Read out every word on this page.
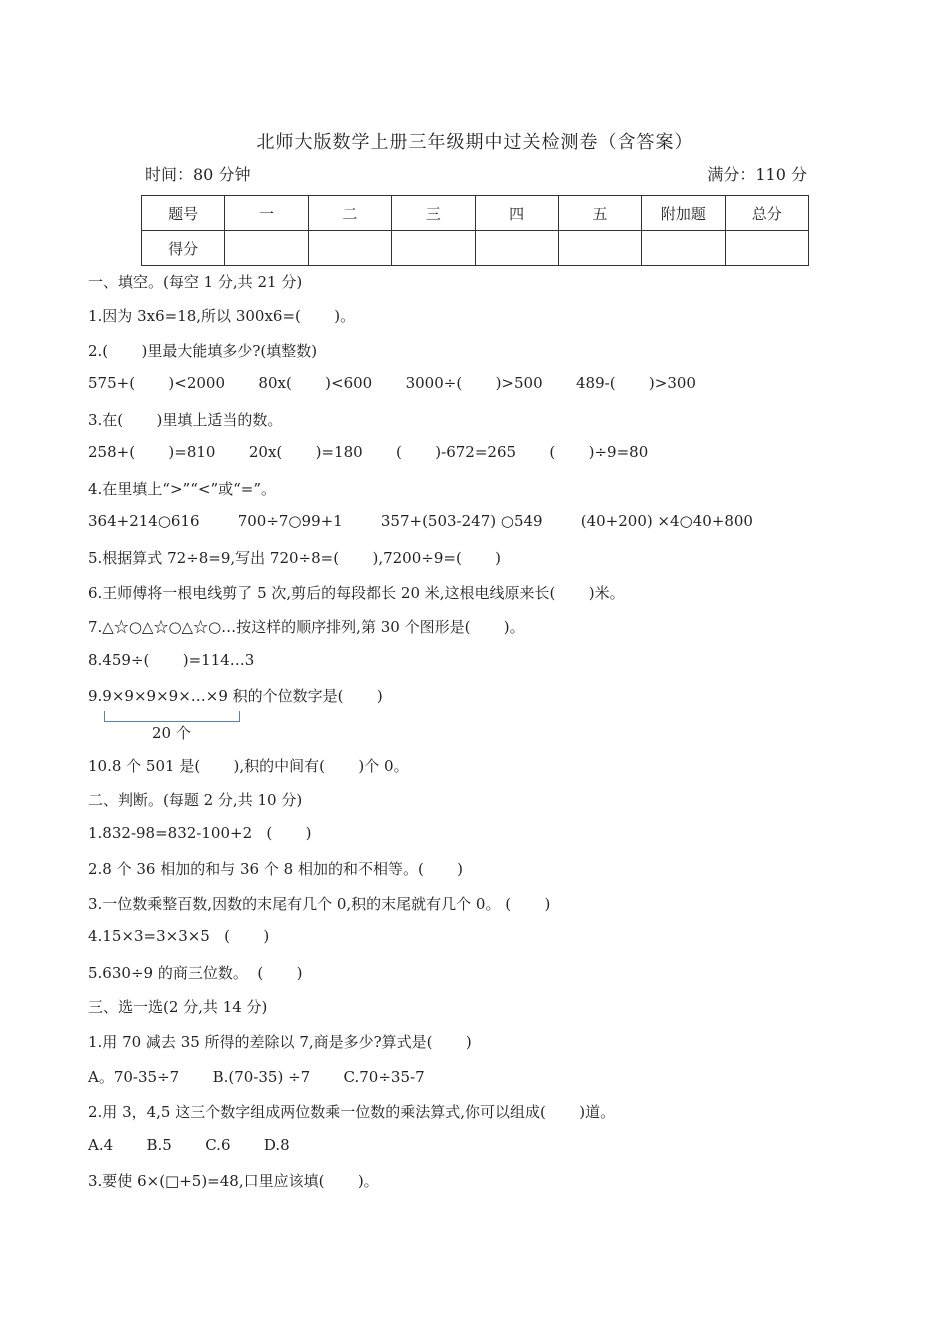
北师大版数学上册三年级期中过关检测卷（含答案）
时间：80 分钟	满分：110 分
题号	一	二	三	四	五	附加题	总分
得分							
一、填空。(每空 1 分,共 21 分)
1.因为 3x6=18,所以 300x6=(       )。
2.(       )里最大能填多少?(填整数)
575+(       )<2000       80x(       )<600       3000÷(       )>500       489-(       )>300
3.在(       )里填上适当的数。
258+(       )=810       20x(       )=180       (       )-672=265       (       )÷9=80
4.在里填上“>”“<”或“=”。
364+214○616        700÷7○99+1        357+(503-247) ○549        (40+200) ×4○40+800
5.根据算式 72÷8=9,写出 720÷8=(       ),7200÷9=(       )
6.王师傅将一根电线剪了 5 次,剪后的每段都长 20 米,这根电线原来长(       )米。
7.△☆○△☆○△☆○…按这样的顺序排列,第 30 个图形是(       )。
8.459÷(       )=114…3
9.9×9×9×9×…×9 积的个位数字是(       )
20 个
10.8 个 501 是(       ),积的中间有(       )个 0。
二、判断。(每题 2 分,共 10 分)
1.832-98=832-100+2   (       )
2.8 个 36 相加的和与 36 个 8 相加的和不相等。(       )
3.一位数乘整百数,因数的末尾有几个 0,积的末尾就有几个 0。 (       )
4.15×3=3×3×5   (       )
5.630÷9 的商三位数。  (       )
三、选一选(2 分,共 14 分)
1.用 70 减去 35 所得的差除以 7,商是多少?算式是(       )
A。70-35÷7       B.(70-35) ÷7       C.70÷35-7
2.用 3，4,5 这三个数字组成两位数乘一位数的乘法算式,你可以组成(       )道。
A.4       B.5       C.6       D.8
3.要使 6×(□+5)=48,口里应该填(       )。
